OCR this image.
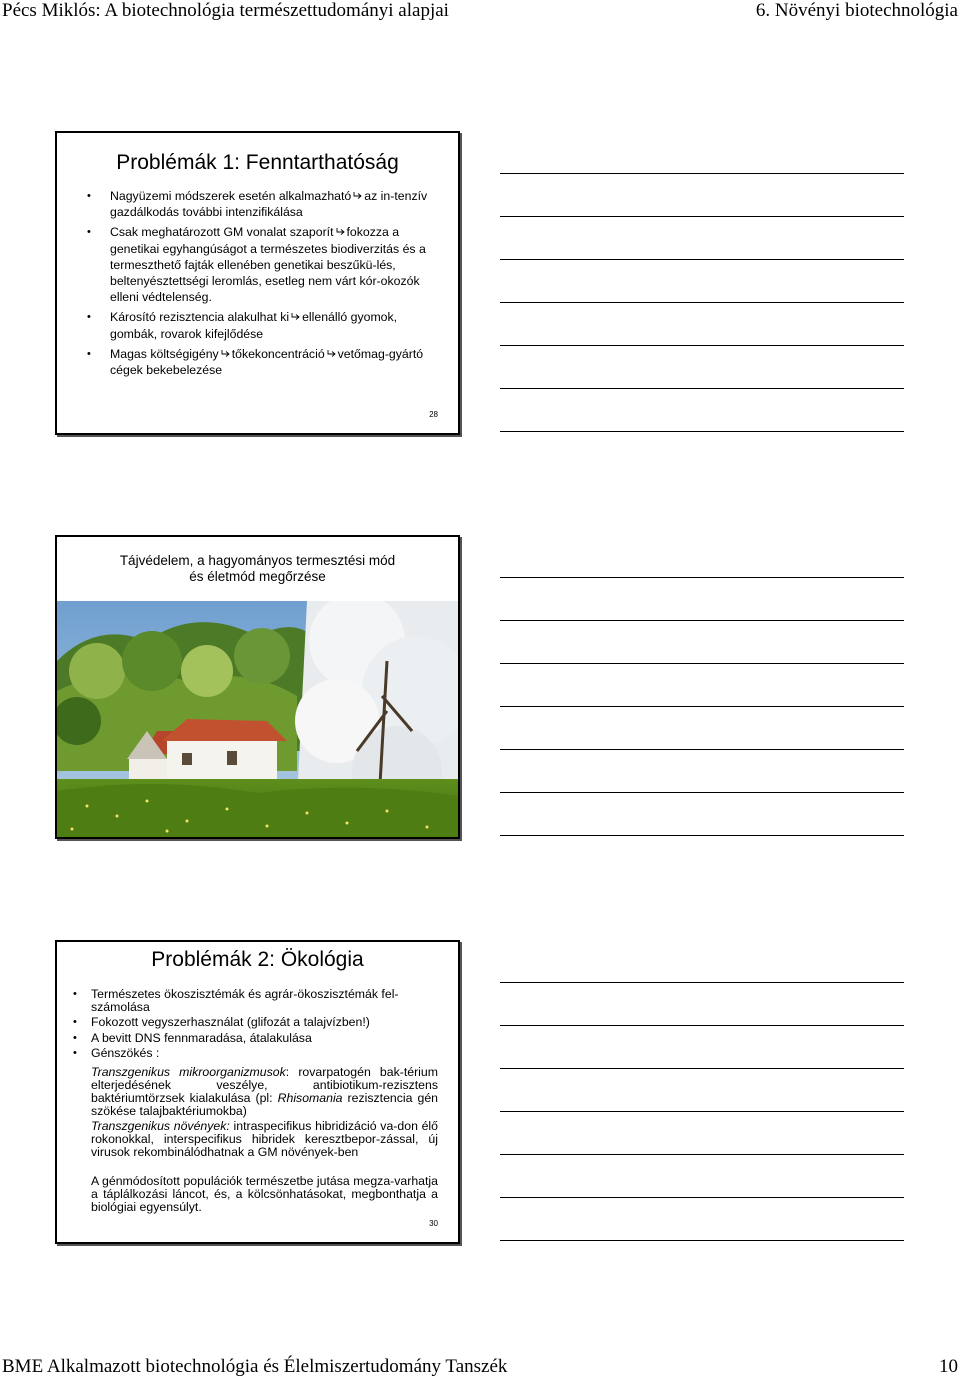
Pécs Miklós: A biotechnológia természettudományi alapjai	6. Növényi biotechnológia
Problémák 1: Fenntarthatóság
• Nagyüzemi módszerek esetén alkalmazható az in-tenzív gazdálkodás további intenzifikálása
• Csak meghatározott GM vonalat szaporít fokozza a genetikai egyhangúságot a természetes biodiverzitás és a termeszthető fajták ellenében genetikai beszűkü-lés, beltenyésztettségi leromlás, esetleg nem várt kór-okozók elleni védtelenség.
• Károsító rezisztencia alakulhat ki ellenálló gyomok, gombák, rovarok kifejlődése
• Magas költségigény tőkekoncentráció vetőmag-gyártó cégek bekebelezése
28
Tájvédelem, a hagyományos termesztési mód
és életmód megőrzése
Problémák 2: Ökológia
• Természetes ökoszisztémák és agrár-ökoszisztémák fel-számolása
• Fokozott vegyszerhasználat (glifozát a talajvízben!)
• A bevitt DNS fennmaradása, átalakulása
• Génszökés :
Transzgenikus mikroorganizmusok: rovarpatogén bak-térium elterjedésének veszélye, antibiotikum-rezisztens baktériumtörzsek kialakulása (pl: Rhisomania rezisztencia gén szökése talajbaktériumokba)
Transzgenikus növények: intraspecifikus hibridizáció va-don élő rokonokkal, interspecifikus hibridek keresztbepor-zással, új virusok rekombinálódhatnak a GM növények-ben
A génmódosított populációk természetbe jutása megza-varhatja a táplálkozási láncot, és, a kölcsönhatásokat, megbonthatja a biológiai egyensúlyt.
30
BME Alkalmazott biotechnológia és Élelmiszertudomány Tanszék	10
